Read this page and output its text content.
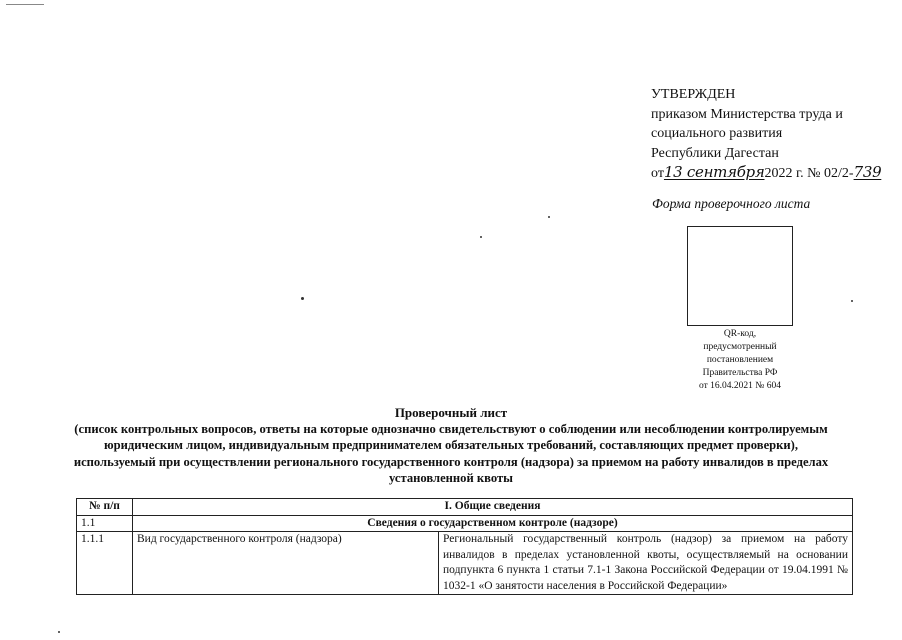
УТВЕРЖДЕН
приказом Министерства труда и
социального развития
Республики Дагестан
от13 сентября2022 г. № 02/2-739
Форма проверочного листа
QR-код,
предусмотренный
постановлением
Правительства РФ
от 16.04.2021 № 604
Проверочный лист
(список контрольных вопросов, ответы на которые однозначно свидетельствуют о соблюдении или несоблюдении контролируемым юридическим лицом, индивидуальным предпринимателем обязательных требований, составляющих предмет проверки), используемый при осуществлении регионального государственного контроля (надзора) за приемом на работу инвалидов в пределах установленной квоты
№ п/п	I. Общие сведения	
1.1	Сведения о государственном контроле (надзоре)	
1.1.1	Вид государственного контроля (надзора)	Региональный государственный контроль (надзор) за приемом на работу инвалидов в пределах установленной квоты, осуществляемый на основании подпункта 6 пункта 1 статьи 7.1-1 Закона Российской Федерации от 19.04.1991 № 1032-1 «О занятости населения в Российской Федерации»
